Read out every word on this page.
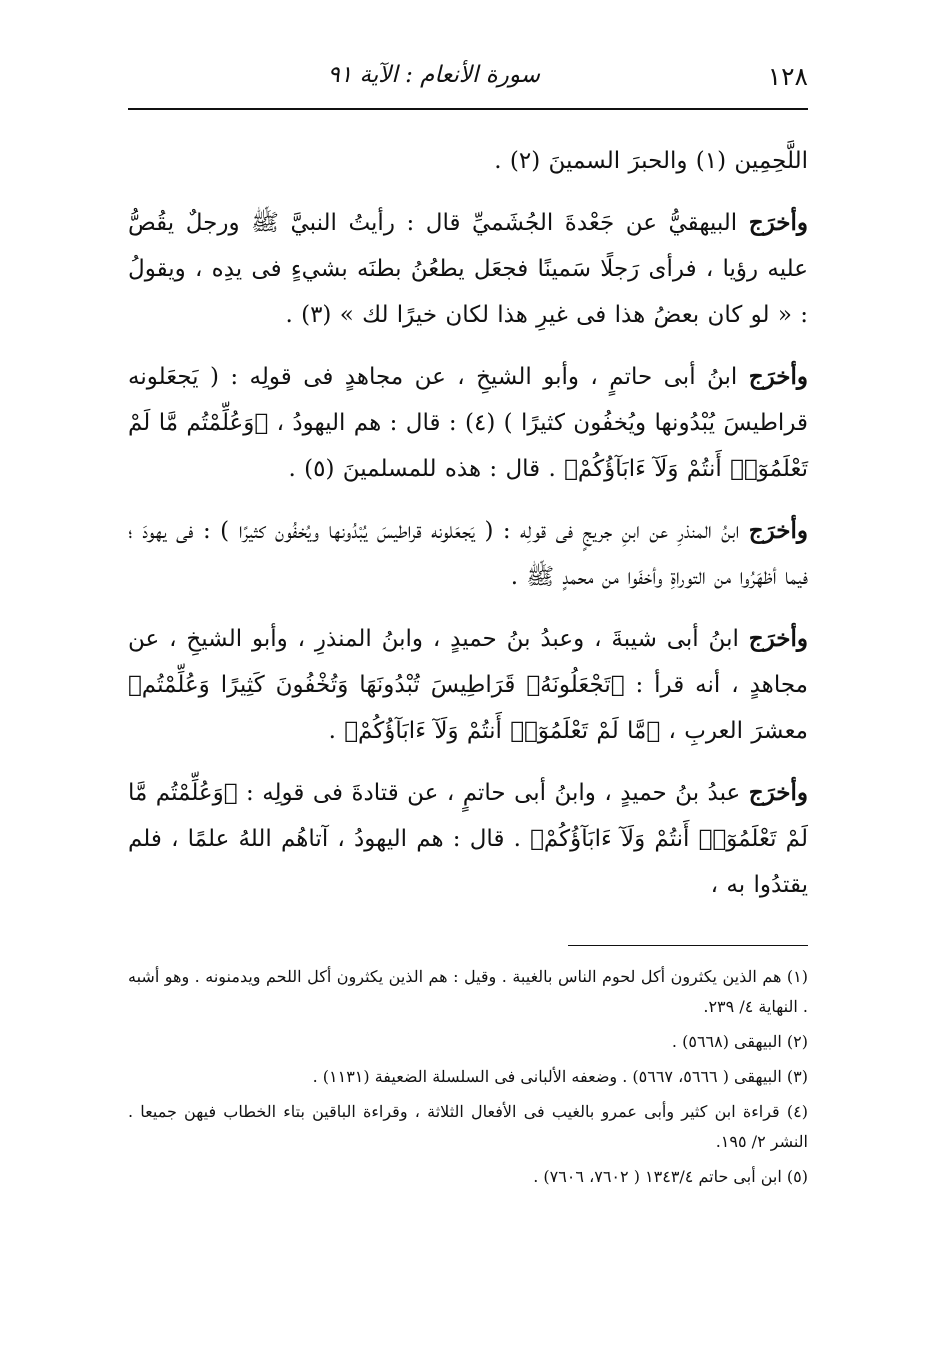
١٢٨
سورة الأنعام : الآية ٩١

اللَّحِمِين (١) والحبرَ السمينَ (٢) .

وأخرَج البيهقيُّ عن جَعْدةَ الجُشَميِّ قال : رأيتُ النبيَّ ﷺ ورجلٌ يقُصُّ عليه رؤيا ، فرأى رَجلًا سَمينًا فجعَل يطعُنُ بطنَه بشيءٍ فى يدِه ، ويقولُ : « لو كان بعضُ هذا فى غيرِ هذا لكان خيرًا لك » (٣) .

وأخرَج ابنُ أبى حاتمٍ ، وأبو الشيخِ ، عن مجاهدٍ فى قولِه : ( يَجعَلونه قراطيسَ يُبْدُونها ويُخفُون كثيرًا ) (٤) : قال : هم اليهودُ ، ﴿وَعُلِّمْتُم مَّا لَمْ تَعْلَمُوٓا۟ أَنتُمْ وَلَآ ءَابَآؤُكُمْ﴾ . قال : هذه للمسلمينَ (٥) .

وأخرَج ابنُ المنذرِ عن ابنِ جريجٍ فى قولِه : ( يَجعَلونه قراطيسَ يُبْدُونها ويُخفُون كثيرًا ) : فى يهودَ ؛ فيما أظهَرُوا من التوراةِ وأخفَوا من محمدٍ ﷺ .

وأخرَج ابنُ أبى شيبةَ ، وعبدُ بنُ حميدٍ ، وابنُ المنذرِ ، وأبو الشيخِ ، عن مجاهدٍ ، أنه قرأ : ﴿تَجْعَلُونَهُۥ قَرَاطِيسَ تُبْدُونَهَا وَتُخْفُونَ كَثِيرًا وَعُلِّمْتُم﴾ معشرَ العربِ ، ﴿مَّا لَمْ تَعْلَمُوٓا۟ أَنتُمْ وَلَآ ءَابَآؤُكُمْ﴾ .

وأخرَج عبدُ بنُ حميدٍ ، وابنُ أبى حاتمٍ ، عن قتادةَ فى قولِه : ﴿وَعُلِّمْتُم مَّا لَمْ تَعْلَمُوٓا۟ أَنتُمْ وَلَآ ءَابَآؤُكُمْ﴾ . قال : هم اليهودُ ، آتاهُم اللهُ علمًا ، فلم يقتدُوا به ،

(١) هم الذين يكثرون أكل لحوم الناس بالغيبة . وقيل : هم الذين يكثرون أكل اللحم ويدمنونه . وهو أشبه . النهاية ٤/ ٢٣٩.

(٢) البيهقى (٥٦٦٨) .

(٣) البيهقى ( ٥٦٦٦، ٥٦٦٧) . وضعفه الألبانى فى السلسلة الضعيفة (١١٣١) .

(٤) قراءة ابن كثير وأبى عمرو بالغيب فى الأفعال الثلاثة ، وقراءة الباقين بتاء الخطاب فيهن جميعا . النشر ٢/ ١٩٥.

(٥) ابن أبى حاتم ١٣٤٣/٤ ( ٧٦٠٢، ٧٦٠٦) .
